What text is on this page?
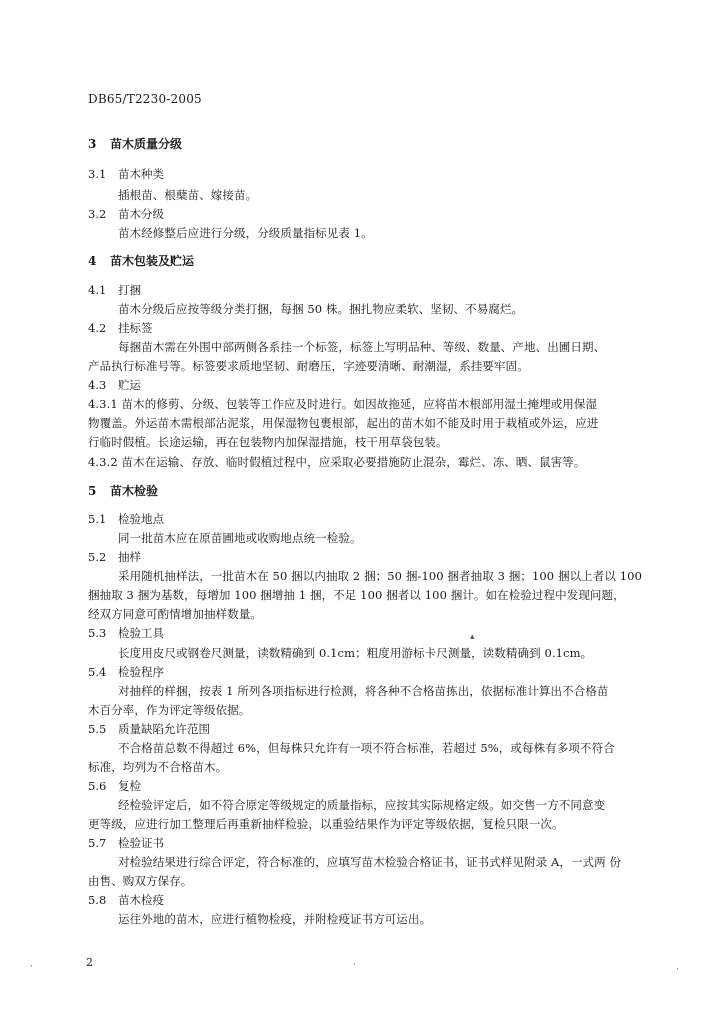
DB65/T2230-2005
3 苗木质量分级
3.1 苗木种类
插根苗、根蘖苗、嫁接苗。
3.2 苗木分级
苗木经修整后应进行分级，分级质量指标见表 1。
4 苗木包装及贮运
4.1 打捆
苗木分级后应按等级分类打捆，每捆 50 株。捆扎物应柔软、坚韧、不易腐烂。
4.2 挂标签
每捆苗木需在外围中部两侧各系挂一个标签，标签上写明品种、等级、数量、产地、出圃日期、
产品执行标准号等。标签要求质地坚韧、耐磨压，字迹要清晰、耐潮湿，系挂要牢固。
4.3 贮运
4.3.1 苗木的修剪、分级、包装等工作应及时进行。如因故拖延，应将苗木根部用湿土掩埋或用保湿
物覆盖。外运苗木需根部沾泥浆，用保湿物包裹根部，起出的苗木如不能及时用于栽植或外运，应进
行临时假植。长途运输，再在包装物内加保湿措施，枝干用草袋包装。
4.3.2 苗木在运输、存放、临时假植过程中，应采取必要措施防止混杂，霉烂、冻、晒、鼠害等。
5 苗木检验
5.1 检验地点
同一批苗木应在原苗圃地或收购地点统一检验。
5.2 抽样
采用随机抽样法，一批苗木在 50 捆以内抽取 2 捆；50 捆-100 捆者抽取 3 捆；100 捆以上者以 100
捆抽取 3 捆为基数，每增加 100 捆增抽 1 捆，不足 100 捆者以 100 捆计。如在检验过程中发现问题，
经双方同意可酌情增加抽样数量。
5.3 检验工具
长度用皮尺或钢卷尺测量，读数精确到 0.1cm；粗度用游标卡尺测量，读数精确到 0.1cm。
5.4 检验程序
对抽样的样捆，按表 1 所列各项指标进行检测，将各种不合格苗拣出，依据标准计算出不合格苗
木百分率，作为评定等级依据。
5.5 质量缺陷允许范围
不合格苗总数不得超过 6%，但每株只允许有一项不符合标准，若超过 5%，或每株有多项不符合
标准，均列为不合格苗木。
5.6 复检
经检验评定后，如不符合原定等级规定的质量指标，应按其实际规格定级。如交售一方不同意变
更等级，应进行加工整理后再重新抽样检验，以重验结果作为评定等级依据，复检只限一次。
5.7 检验证书
对检验结果进行综合评定，符合标准的，应填写苗木检验合格证书，证书式样见附录 A，一式两 份
由售、购双方保存。
5.8 苗木检疫
运往外地的苗木，应进行植物检疫，并附检疫证书方可运出。
2
▴
·	·
·
